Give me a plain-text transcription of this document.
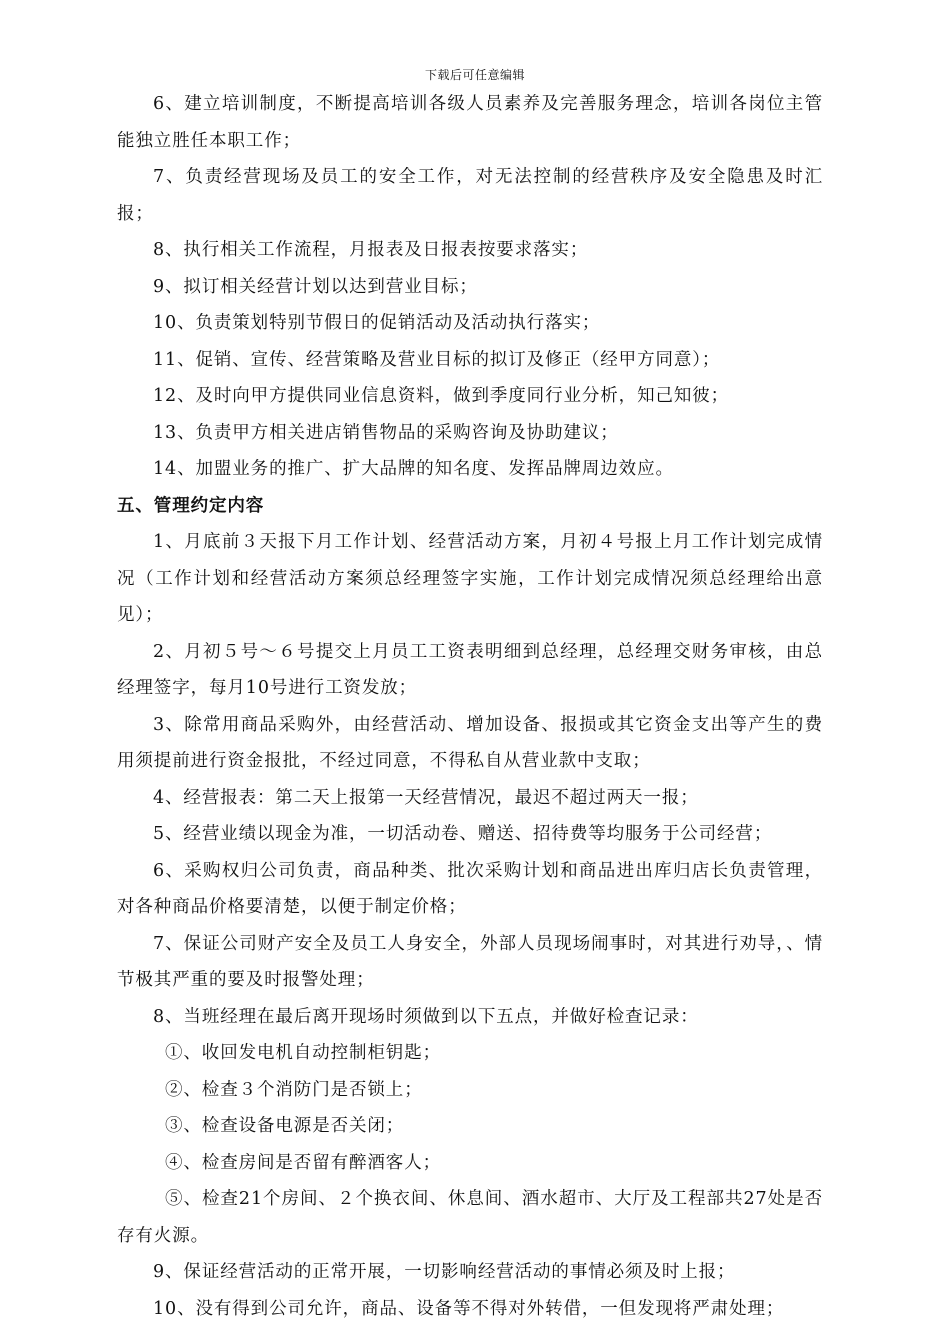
下载后可任意编辑

6、建立培训制度，不断提高培训各级人员素养及完善服务理念，培训各岗位主管能独立胜任本职工作；

7、负责经营现场及员工的安全工作，对无法控制的经营秩序及安全隐患及时汇报；

8、执行相关工作流程，月报表及日报表按要求落实；

9、拟订相关经营计划以达到营业目标；

10、负责策划特别节假日的促销活动及活动执行落实；

11、促销、宣传、经营策略及营业目标的拟订及修正（经甲方同意）；

12、及时向甲方提供同业信息资料，做到季度同行业分析，知己知彼；

13、负责甲方相关进店销售物品的采购咨询及协助建议；

14、加盟业务的推广、扩大品牌的知名度、发挥品牌周边效应。

五、管理约定内容

1、月底前３天报下月工作计划、经营活动方案，月初４号报上月工作计划完成情况（工作计划和经营活动方案须总经理签字实施，工作计划完成情况须总经理给出意见）；

2、月初５号～６号提交上月员工工资表明细到总经理，总经理交财务审核，由总经理签字，每月10号进行工资发放；

3、除常用商品采购外，由经营活动、增加设备、报损或其它资金支出等产生的费用须提前进行资金报批，不经过同意，不得私自从营业款中支取；

4、经营报表：第二天上报第一天经营情况，最迟不超过两天一报；

5、经营业绩以现金为准，一切活动卷、赠送、招待费等均服务于公司经营；

6、采购权归公司负责，商品种类、批次采购计划和商品进出库归店长负责管理，对各种商品价格要清楚，以便于制定价格；

7、保证公司财产安全及员工人身安全，外部人员现场闹事时，对其进行劝导，、情节极其严重的要及时报警处理；

8、当班经理在最后离开现场时须做到以下五点，并做好检查记录：

①、收回发电机自动控制柜钥匙；

②、检查３个消防门是否锁上；

③、检查设备电源是否关闭；

④、检查房间是否留有醉酒客人；

⑤、检查21个房间、２个换衣间、休息间、酒水超市、大厅及工程部共27处是否存有火源。

9、保证经营活动的正常开展，一切影响经营活动的事情必须及时上报；

10、没有得到公司允许，商品、设备等不得对外转借，一但发现将严肃处理；
